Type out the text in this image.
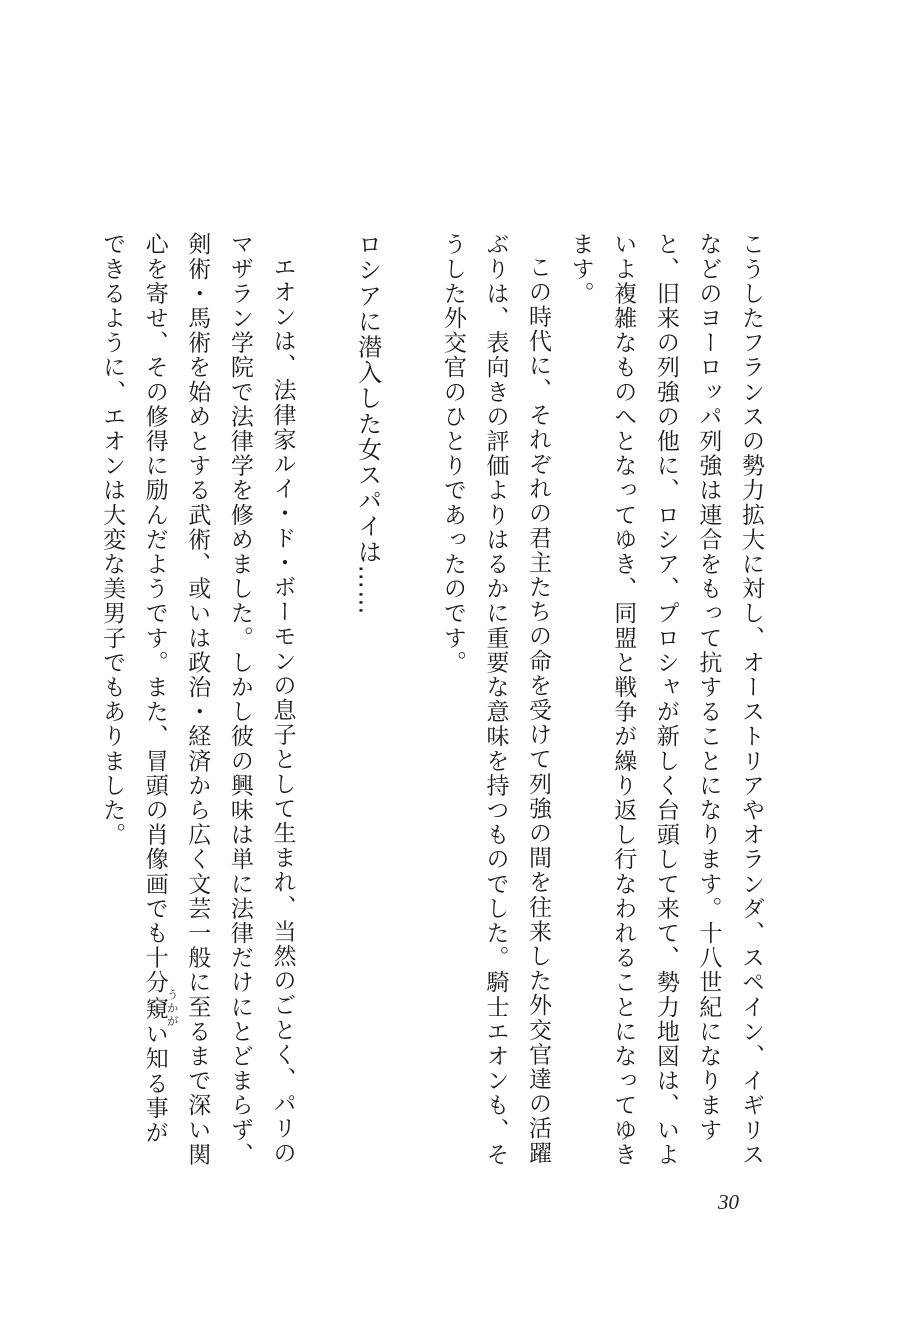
こうしたフランスの勢力拡大に対し、オーストリアやオランダ、スペイン、イギリスなどのヨーロッパ列強は連合をもって抗することになります。十八世紀になりますと、旧来の列強の他に、ロシア、プロシャが新しく台頭して来て、勢力地図は、いよいよ複雑なものへとなってゆき、同盟と戦争が繰り返し行なわれることになってゆきます。

この時代に、それぞれの君主たちの命を受けて列強の間を往来した外交官達の活躍ぶりは、表向きの評価よりはるかに重要な意味を持つものでした。騎士エオンも、そうした外交官のひとりであったのです。

ロシアに潜入した女スパイは……

エオンは、法律家ルイ・ド・ボーモンの息子として生まれ、当然のごとく、パリのマザラン学院で法律学を修めました。しかし彼の興味は単に法律だけにとどまらず、剣術・馬術を始めとする武術、或いは政治・経済から広く文芸一般に至るまで深い関心を寄せ、その修得に励んだようです。また、冒頭の肖像画でも十分窺うかがい知る事ができるように、エオンは大変な美男子でもありました。

30
